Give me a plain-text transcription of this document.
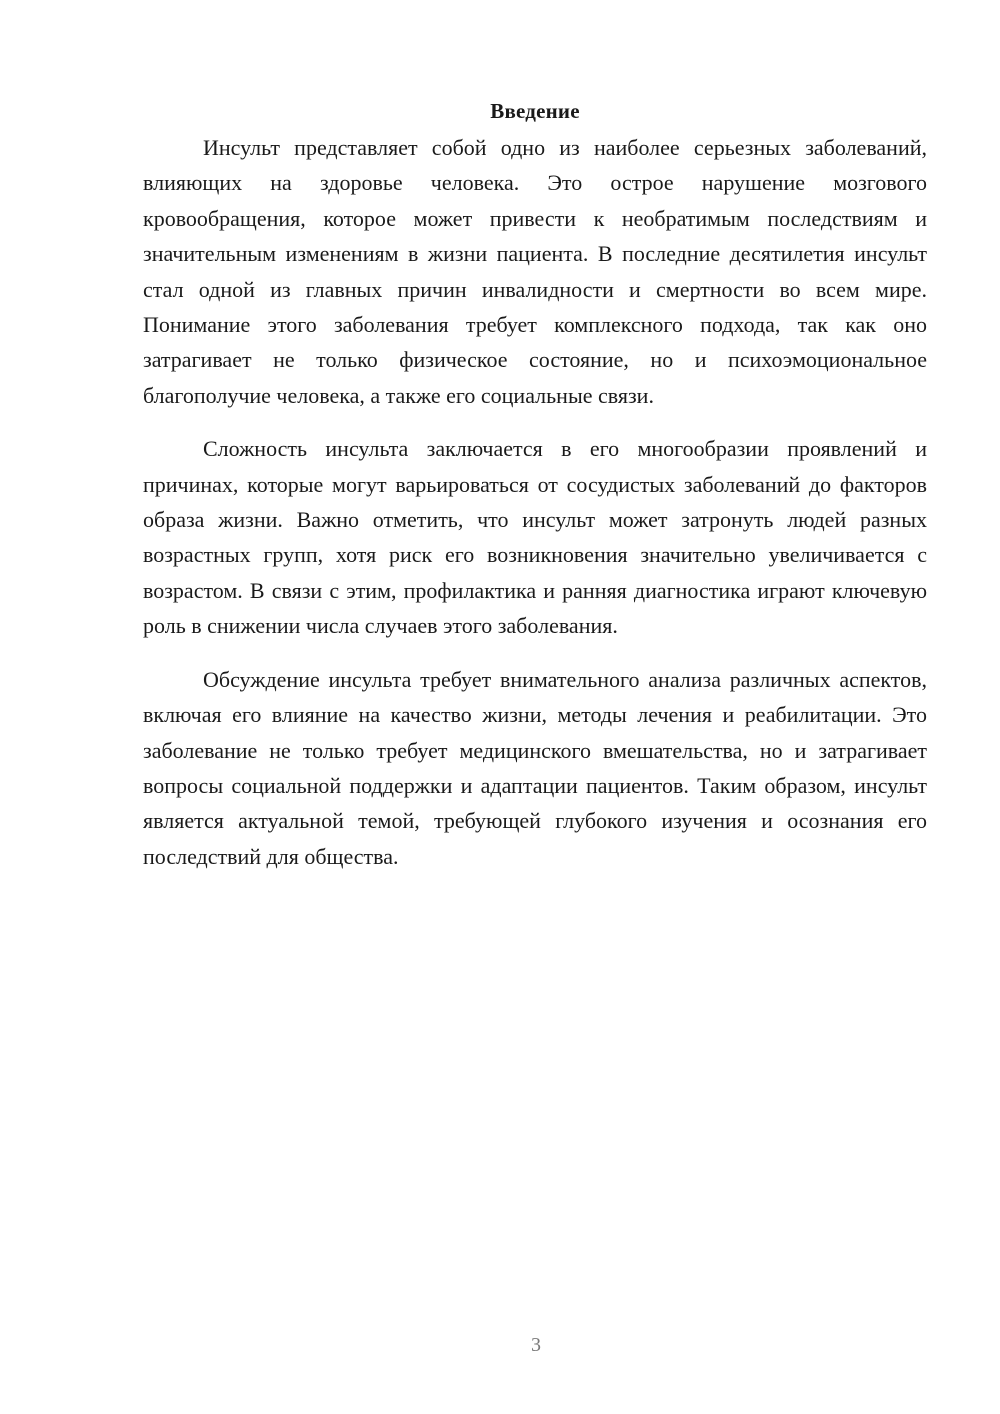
Введение

Инсульт представляет собой одно из наиболее серьезных заболеваний, влияющих на здоровье человека. Это острое нарушение мозгового кровообращения, которое может привести к необратимым последствиям и значительным изменениям в жизни пациента. В последние десятилетия инсульт стал одной из главных причин инвалидности и смертности во всем мире. Понимание этого заболевания требует комплексного подхода, так как оно затрагивает не только физическое состояние, но и психоэмоциональное благополучие человека, а также его социальные связи.

Сложность инсульта заключается в его многообразии проявлений и причинах, которые могут варьироваться от сосудистых заболеваний до факторов образа жизни. Важно отметить, что инсульт может затронуть людей разных возрастных групп, хотя риск его возникновения значительно увеличивается с возрастом. В связи с этим, профилактика и ранняя диагностика играют ключевую роль в снижении числа случаев этого заболевания.

Обсуждение инсульта требует внимательного анализа различных аспектов, включая его влияние на качество жизни, методы лечения и реабилитации. Это заболевание не только требует медицинского вмешательства, но и затрагивает вопросы социальной поддержки и адаптации пациентов. Таким образом, инсульт является актуальной темой, требующей глубокого изучения и осознания его последствий для общества.

3
